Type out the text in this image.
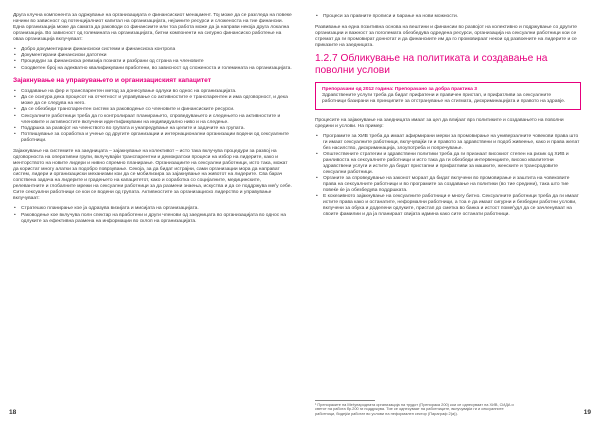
Друга клучна компонента за одржување на организацијата е финансискиот менаџмент. Тој може да се разгледа на повеќе начини во зависност од потенцијалниот капитал на организацијата, нејзините ресурси и сложеноста на тие финансии. Една организација може да самата да раководи со финансиите или тоа работа може да ја направи некоја друга локална организација. Во зависност од големината на организацијата, битни компоненти на сигурно финансиско работење на оваа организација вклучуваат:

• Добро документирани финансиски системи и финансиска контрола
• Документирани финансиски датотеки
• Процедури за финансиска ревизија познати и разбрани од страна на членовите
• Соодветен број на адекватно квалификувани вработени, во зависност од сложеноста и големината на организацијата.
Зајакнување на управувањето и организациският капацитет
• Создавање на фер и транспарентен метод за донесување одлуки во однос на организацијата.
• Да се осигура дека процесот на отчетност и управување со активностите е транспарентен и има одговорност, и дека може да се следува на него.
• Да се обезбеди транспарентен систем за раководење со членовите и финансиските ресурси.
• Сексуалните работници треба да го контролираат планирањето, спроведувањето и следењето на активностите и членовите и активностите вклучени идентификувани на индивидуално ниво и на следење.
• Поддршка за развојот на членството во групата и унапредување на целите и задачите на групата.
• Потпишување за соработка и учење од другите организации и интернационални организации водени од сексуалните работници.

Зајакнување на системите на заедницата – зајакнување на колективот – исто така вклучува процедури за развој на одговорноста на оперативни групи, вклучувајќи транспарентни и демократски процеси на избор на лидерите, како и менторството на новите лидери и нивно спремно планирање. Организациите на сексуални работници, исто така, можат да користат многу алатки за подобро поврзување. Секоја, за да бидат истрајни, сами организации мора да направат систем, лидери и организациски механизми кои да се мобилизира за зајакнување на животот на лидерите. Сва барач сопствена задача на лидерите и градењето на капацитетот, како и соработка со социјалните, медицинските, релевантните и глобалните мрежи на сексуални работници за да размени знаења, искуства и да се поддржува меѓу себе. Сите сексуални работници се кои се водени од групата. Активностите за организациско лидерство и управување вклучуваат:

• Стратешко планирање кое ја одразува визијата и мисијата на организацијата.
• Раководење кое вклучува полн спектар на вработени и други членови од заедницата во организацијата во однос на одлуките за ефективна размена на информации во склоп на организацијата.
18
• Процеси за правните прописи и барање на нови можности.

Развивање на една позитивна основа на вештини и финансии во развојот на колективно и подржување со другите организации и важност за поголемата обезбедува одредена ресурси, организација на сексуални работници кои се стремат да ги промовират доннотат и да финансиите им да го промовираат некои од развоените на лидерите и се приказите на заедницата.

1.2.7 Обликување на политиката и создавање на поволни услови
Препорачани од 2012 година: Препорачано за добра практика 3

Здравствените услуги треба да бидат прифатени и правичен пристап, и прифатливи за сексуалните работници базирани на принципите за отстранување на стигмата, дискриминацијата и правото на здравје.

Процесите на зајакнување на заедницата имаат за цел да влијаат врз политиките и создавањето на поволни средини и услови. На пример:

• Програмите за ХИВ треба да имаат афирмирани мерки за промовирање на универзалните човекови права што ги имаат сексуалните работници, вклучувајќи ги и правото за здравствени и подоб живеење, како и права желат без насилство, дискриминација, злоупотреба и попречување.
• Општествените стратегии и здравствени политики треба да ги признаат високиот степен на ризик од ХИВ и ранливоста на сексуалните работници и исто така да ги обезбеди интервенциите, високо квалитетни здравствени услуги и истите да бидат пристапни и прифатливи за машките, женските и трансродовите сексуални работници.
• Органите за спроведување на законот мораат да бидат вклучени во промовирање и заштита на човековите права на сексуалните работници и во програмите за создавање на политики (во тие средини), така што тие повеќе ќе ја обезбедува поддршката.
• Е кохезивното зајакнување на сексуалните работници е многу битно. Сексуалните работници треба да ги имаат истите права како и останатите, неформални работници, а тоа е да имаат сигурни и безбедни работни услови, вклучени за обука и доделени одлуките, пристап до сметка во банка и истост помеѓудл да се зачленуваат на своите фамилии и да ја планираат свијата идмина како сите останати работници.

¹ Препораките на Меѓународната организација на трудот (Препорака 200) кои се однесуваат на ХИВ, СИДА и светот на работа бр.200 ги поддржува. Тие се однесуваат на работниците, вклучувајќи ги и сексуалните работници, бидејќи работат во услови на неформален сектор (Параграф 2(а)).	19
